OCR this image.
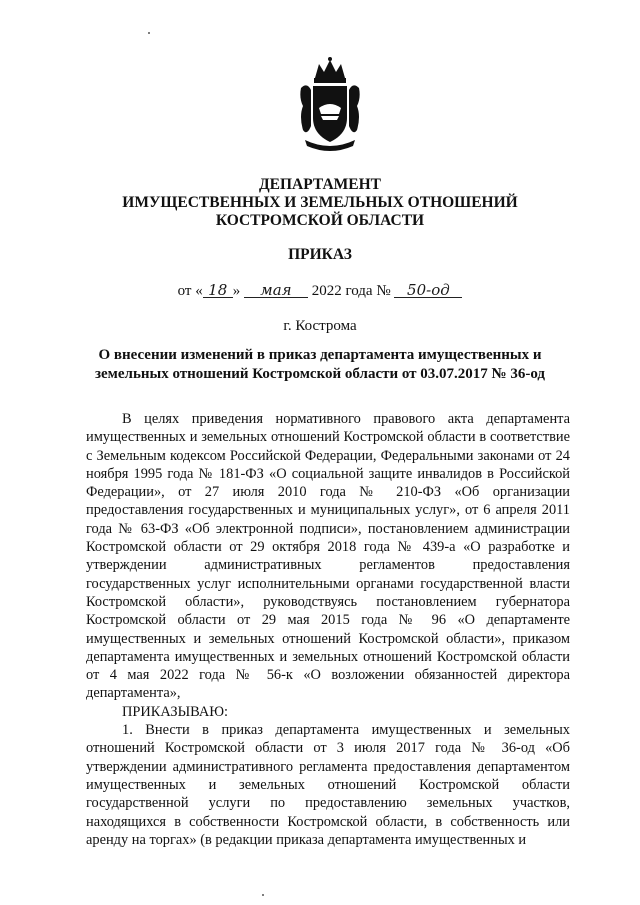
ДЕПАРТАМЕНТ
ИМУЩЕСТВЕННЫХ И ЗЕМЕЛЬНЫХ ОТНОШЕНИЙ
КОСТРОМСКОЙ ОБЛАСТИ
ПРИКАЗ
от « 18 » мая 2022 года № 50-од
г. Кострома
О внесении изменений в приказ департамента имущественных и
земельных отношений Костромской области от 03.07.2017 № 36-од

В целях приведения нормативного правового акта департамента имущественных и земельных отношений Костромской области в соответствие с Земельным кодексом Российской Федерации, Федеральными законами от 24 ноября 1995 года № 181-ФЗ «О социальной защите инвалидов в Российской Федерации», от 27 июля 2010 года № 210-ФЗ «Об организации предоставления государственных и муниципальных услуг», от 6 апреля 2011 года № 63-ФЗ «Об электронной подписи», постановлением администрации Костромской области от 29 октября 2018 года № 439-а «О разработке и утверждении административных регламентов предоставления государственных услуг исполнительными органами государственной власти Костромской области», руководствуясь постановлением губернатора Костромской области от 29 мая 2015 года № 96 «О департаменте имущественных и земельных отношений Костромской области», приказом департамента имущественных и земельных отношений Костромской области от 4 мая 2022 года № 56-к «О возложении обязанностей директора департамента»,

ПРИКАЗЫВАЮ:

1. Внести в приказ департамента имущественных и земельных отношений Костромской области от 3 июля 2017 года № 36-од «Об утверждении административного регламента предоставления департаментом имущественных и земельных отношений Костромской области государственной услуги по предоставлению земельных участков, находящихся в собственности Костромской области, в собственность или аренду на торгах» (в редакции приказа департамента имущественных и
